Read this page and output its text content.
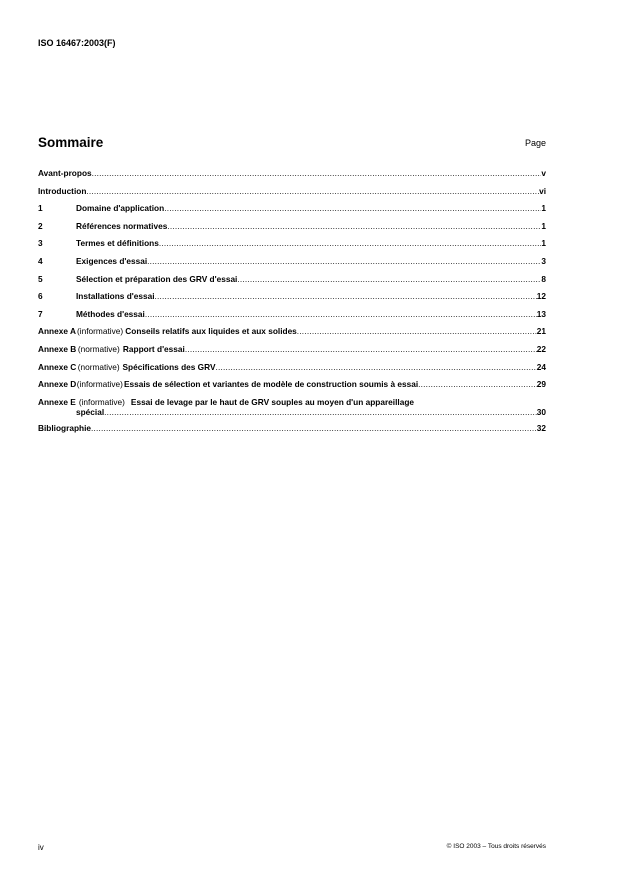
ISO 16467:2003(F)
Sommaire	Page
Avant-propos .....	v
Introduction .....	vi
1	Domaine d'application .....	1
2	Références normatives .....	1
3	Termes et définitions .....	1
4	Exigences d'essai .....	3
5	Sélection et préparation des GRV d'essai .....	8
6	Installations d'essai .....	12
7	Méthodes d'essai .....	13
Annexe A (informative) Conseils relatifs aux liquides et aux solides .....	21
Annexe B (normative) Rapport d'essai .....	22
Annexe C (normative) Spécifications des GRV .....	24
Annexe D (informative) Essais de sélection et variantes de modèle de construction soumis à essai .....	29
Annexe E (informative) Essai de levage par le haut de GRV souples au moyen d'un appareillage
spécial .....	30
Bibliographie .....	32
iv	© ISO 2003 – Tous droits réservés
